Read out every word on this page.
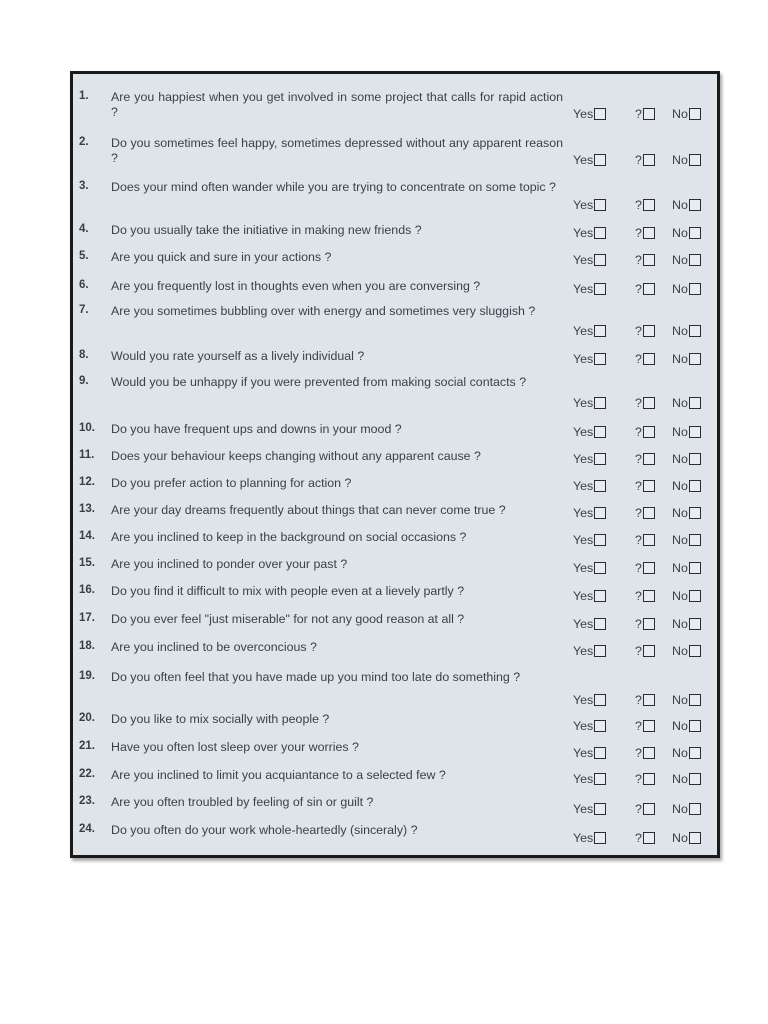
1.	Are you happiest when you get involved in some project that calls for rapid action ?	Yes	? No
2.	Do you sometimes feel happy, sometimes depressed without any apparent reason ?	Yes	? No
3.	Does your mind often wander while you are trying to concentrate on some topic ?
Yes	? No
4.	Do you usually take the initiative in making new friends ?	Yes	? No
5.	Are you quick and sure in your actions ?	Yes	? No
6.	Are you frequently lost in thoughts even when you are conversing ?	Yes	? No
7.	Are you sometimes bubbling over with energy and sometimes very sluggish ?
Yes	? No
8.	Would you rate yourself as a lively individual ?	Yes	? No
9.	Would you be unhappy if you were prevented from making social contacts ?
Yes	? No
10.	Do you have frequent ups and downs in your mood ?	Yes	? No
11.	Does your behaviour keeps changing without any apparent cause ?	Yes	? No
12.	Do you prefer action to planning for action ?	Yes	? No
13.	Are your day dreams frequently about things that can never come true ?	Yes	? No
14.	Are you inclined to keep in the background on social occasions ?	Yes	? No
15.	Are you inclined to ponder over your past ?	Yes	? No
16.	Do you find it difficult to mix with people even at a lievely partly ?	Yes	? No
17.	Do you ever feel "just miserable" for not any good reason at all ?	Yes	? No
18.	Are you inclined to be overconcious ?	Yes	? No
19.	Do you often feel that you have made up you mind too late do something ?
Yes	? No
20.	Do you like to mix socially with people ?	Yes	? No
21.	Have you often lost sleep over your worries ?	Yes	? No
22.	Are you inclined to limit you acquiantance to a selected few ?	Yes	? No
23.	Are you often troubled by feeling of sin or guilt ?	Yes	? No
24.	Do you often do your work whole-heartedly (sinceraly) ?
Yes	? No
